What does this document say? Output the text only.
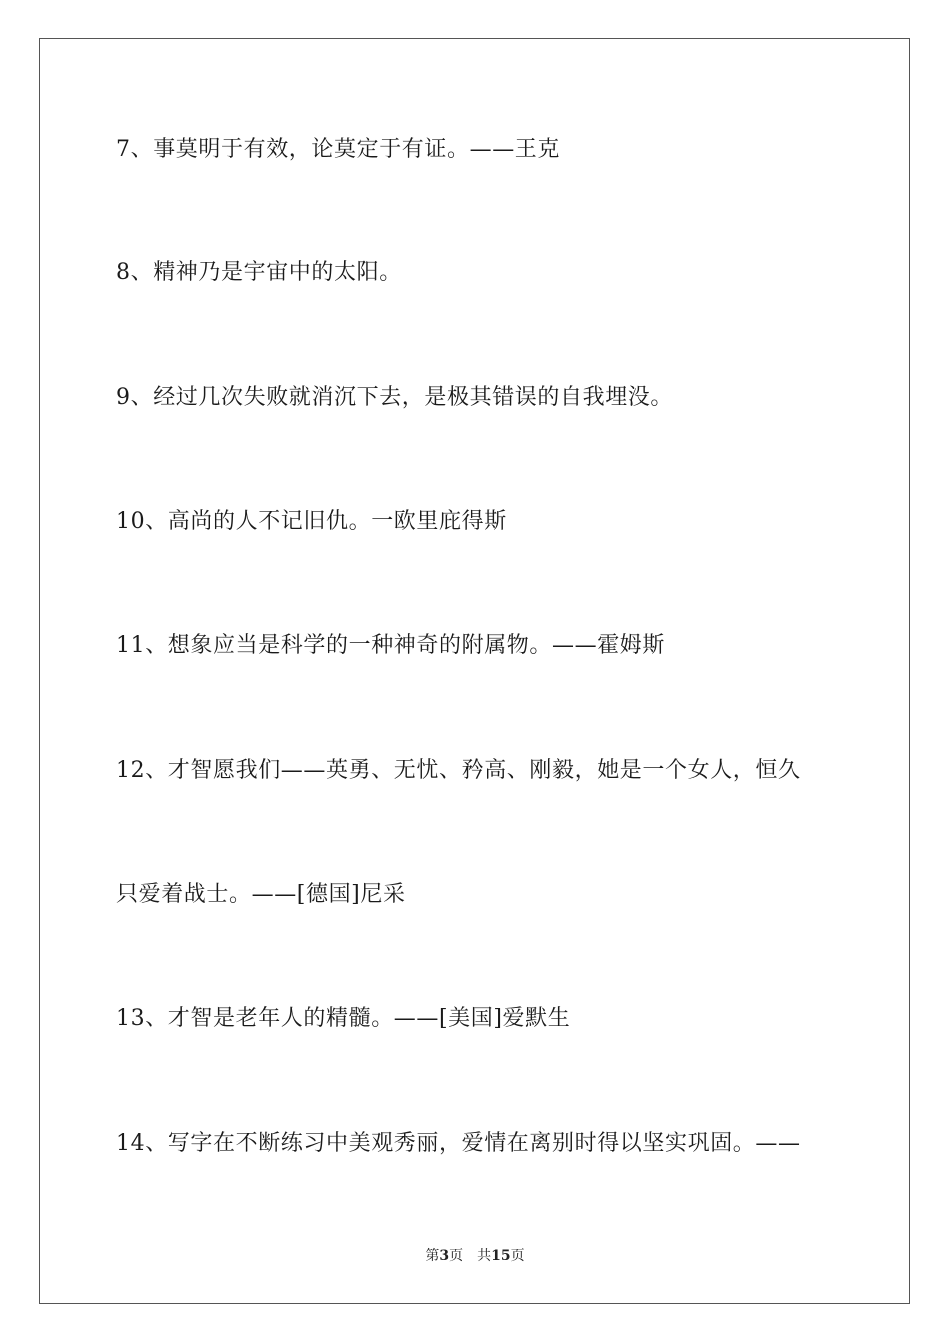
7、事莫明于有效，论莫定于有证。——王克
8、精神乃是宇宙中的太阳。
9、经过几次失败就消沉下去，是极其错误的自我埋没。
10、高尚的人不记旧仇。一欧里庇得斯
11、想象应当是科学的一种神奇的附属物。——霍姆斯
12、才智愿我们——英勇、无忧、矜高、刚毅，她是一个女人，恒久
只爱着战士。——[德国]尼采
13、才智是老年人的精髓。——[美国]爱默生
14、写字在不断练习中美观秀丽，爱情在离别时得以坚实巩固。——
第3页 共15页
